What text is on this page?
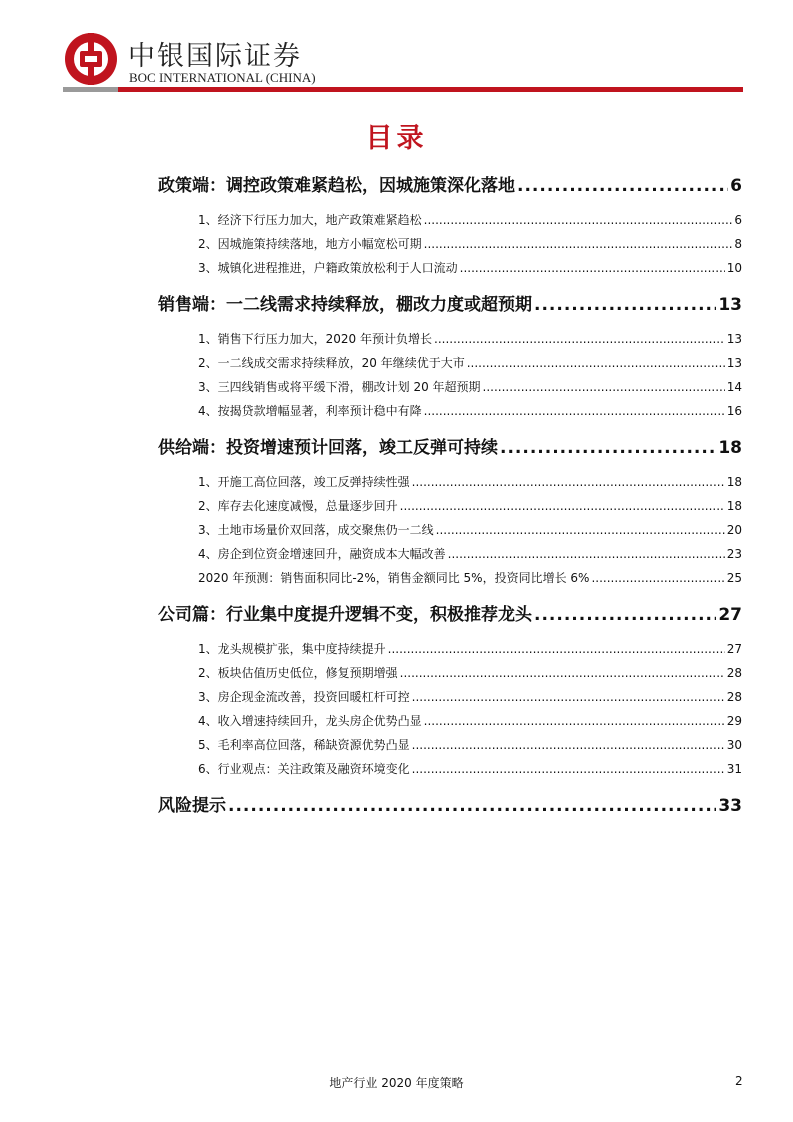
中银国际证券
BOC INTERNATIONAL (CHINA)
目录
政策端：调控政策难紧趋松，因城施策深化落地 .....	6
1、经济下行压力加大，地产政策难紧趋松 .....	6
2、因城施策持续落地，地方小幅宽松可期 .....	8
3、城镇化进程推进，户籍政策放松利于人口流动 .....	10
销售端：一二线需求持续释放，棚改力度或超预期 .....	13
1、销售下行压力加大，2020 年预计负增长 .....	13
2、一二线成交需求持续释放，20 年继续优于大市 .....	13
3、三四线销售或将平缓下滑，棚改计划 20 年超预期 .....	14
4、按揭贷款增幅显著，利率预计稳中有降 .....	16
供给端：投资增速预计回落，竣工反弹可持续 .....	18
1、开施工高位回落，竣工反弹持续性强 .....	18
2、库存去化速度减慢，总量逐步回升 .....	18
3、土地市场量价双回落，成交聚焦仍一二线 .....	20
4、房企到位资金增速回升，融资成本大幅改善 .....	23
2020 年预测：销售面积同比-2%，销售金额同比 5%，投资同比增长 6% .....	25
公司篇：行业集中度提升逻辑不变，积极推荐龙头 .....	27
1、龙头规模扩张，集中度持续提升 .....	27
2、板块估值历史低位，修复预期增强 .....	28
3、房企现金流改善，投资回暖杠杆可控 .....	28
4、收入增速持续回升，龙头房企优势凸显 .....	29
5、毛利率高位回落，稀缺资源优势凸显 .....	30
6、行业观点：关注政策及融资环境变化 .....	31
风险提示 .....	33
地产行业 2020 年度策略	2
